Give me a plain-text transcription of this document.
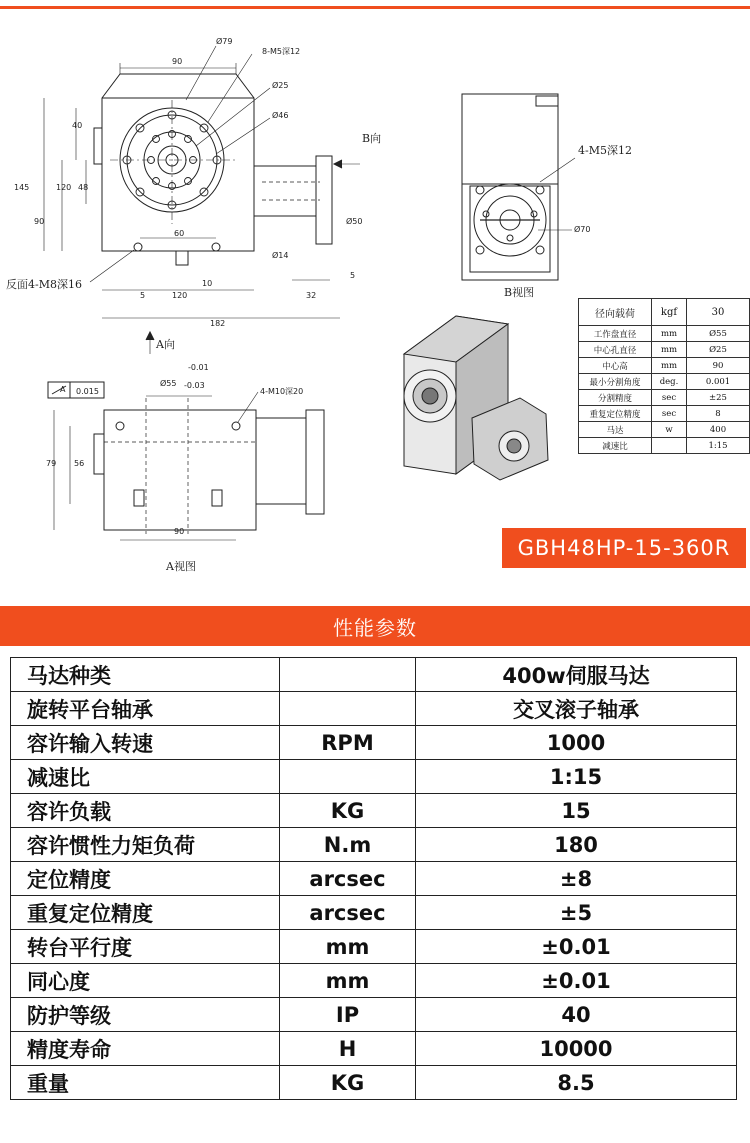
Ø79
8-M5深12
90
Ø25
Ø46
40
120 48
145
90
60
Ø14
Ø50
5
10
5	120	32
182
反面4-M8深16
B向
A向
4-M5深12
Ø70
B视图
0.015
A
-0.01
Ø55 -0.03
4-M10深20
79 56
90
A视图
径向载荷	kgf	30
工作盘直径	mm	Ø55
中心孔直径	mm	Ø25
中心高	mm	90
最小分割角度	deg.	0.001
分割精度	sec	±25
重复定位精度	sec	8
马达	w	400
减速比		1:15
GBH48HP-15-360R
性能参数
马达种类		400w伺服马达
旋转平台轴承		交叉滚子轴承
容许输入转速	RPM	1000
减速比		1:15
容许负载	KG	15
容许惯性力矩负荷	N.m	180
定位精度	arcsec	±8
重复定位精度	arcsec	±5
转台平行度	mm	±0.01
同心度	mm	±0.01
防护等级	IP	40
精度寿命	H	10000
重量	KG	8.5
